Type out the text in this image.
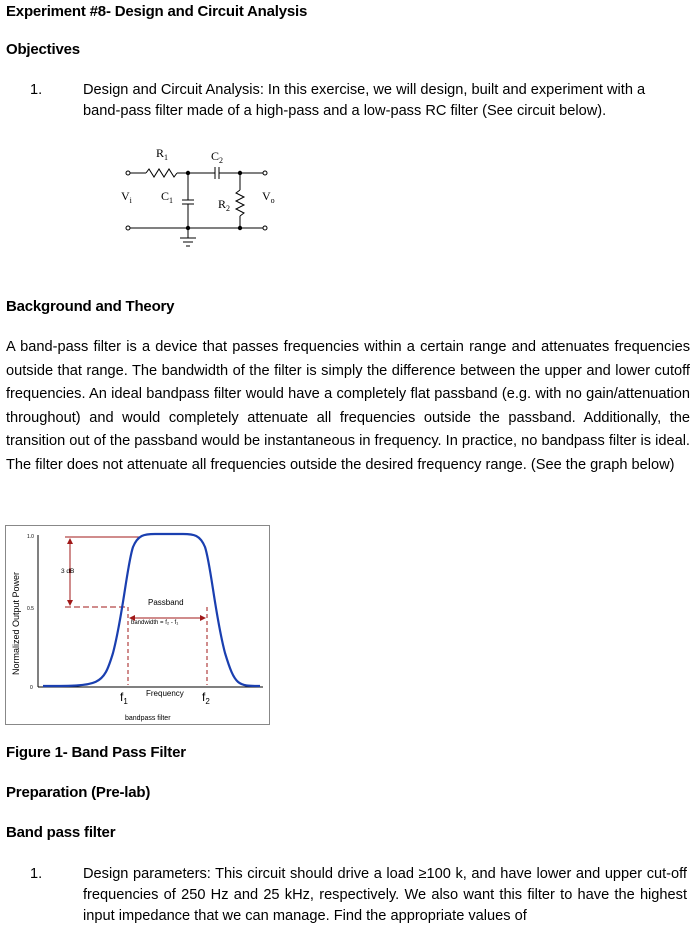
Experiment #8- Design and Circuit Analysis
Objectives
1.	Design and Circuit Analysis: In this exercise, we will design, built and experiment with a band-pass filter made of a high-pass and a low-pass RC filter (See circuit below).
$R_1$	$C_2$
$V_i$ $C_1$	$R_2$
$V_o$
Background and Theory
A band-pass filter is a device that passes frequencies within a certain range and attenuates frequencies outside that range. The bandwidth of the filter is simply the difference between the upper and lower cutoff frequencies. An ideal bandpass filter would have a completely flat passband (e.g. with no gain/attenuation throughout) and would completely attenuate all frequencies outside the passband. Additionally, the transition out of the passband would be instantaneous in frequency. In practice, no bandpass filter is ideal. The filter does not attenuate all frequencies outside the desired frequency range. (See the graph below)
Normalized Output Power
1.0
0.5
0
3 dB
Passband
bandwidth = f₂ - f₁
$f_1$
Frequency $f_2$
bandpass filter
Figure 1- Band Pass Filter
Preparation (Pre-lab)
Band pass filter
1.	Design parameters: This circuit should drive a load ≥100 k, and have lower and upper cut-off frequencies of 250 Hz and 25 kHz, respectively. We also want this filter to have the highest input impedance that we can manage. Find the appropriate values of
